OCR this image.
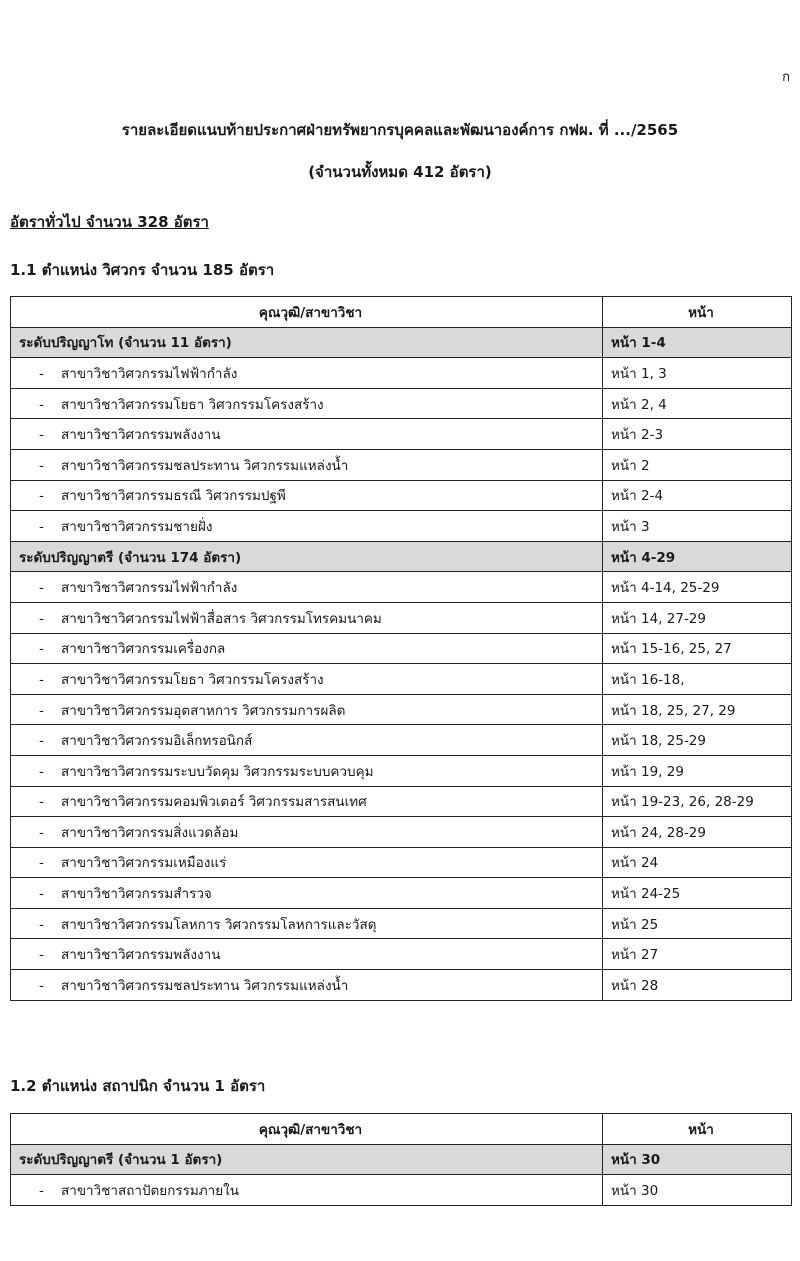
ก
รายละเอียดแนบท้ายประกาศฝ่ายทรัพยากรบุคคลและพัฒนาองค์การ กฟผ. ที่ .../2565
(จำนวนทั้งหมด 412 อัตรา)
อัตราทั่วไป จำนวน 328 อัตรา
1.1 ตำแหน่ง วิศวกร จำนวน 185 อัตรา
คุณวุฒิ/สาขาวิชา	หน้า
ระดับปริญญาโท (จำนวน 11 อัตรา)	หน้า 1-4
- สาขาวิชาวิศวกรรมไฟฟ้ากำลัง	หน้า 1, 3
- สาขาวิชาวิศวกรรมโยธา วิศวกรรมโครงสร้าง	หน้า 2, 4
- สาขาวิชาวิศวกรรมพลังงาน	หน้า 2-3
- สาขาวิชาวิศวกรรมชลประทาน วิศวกรรมแหล่งน้ำ	หน้า 2
- สาขาวิชาวิศวกรรมธรณี วิศวกรรมปฐพี	หน้า 2-4
- สาขาวิชาวิศวกรรมชายฝั่ง	หน้า 3
ระดับปริญญาตรี (จำนวน 174 อัตรา)	หน้า 4-29
- สาขาวิชาวิศวกรรมไฟฟ้ากำลัง	หน้า 4-14, 25-29
- สาขาวิชาวิศวกรรมไฟฟ้าสื่อสาร วิศวกรรมโทรคมนาคม	หน้า 14, 27-29
- สาขาวิชาวิศวกรรมเครื่องกล	หน้า 15-16, 25, 27
- สาขาวิชาวิศวกรรมโยธา วิศวกรรมโครงสร้าง	หน้า 16-18,
- สาขาวิชาวิศวกรรมอุตสาหการ วิศวกรรมการผลิต	หน้า 18, 25, 27, 29
- สาขาวิชาวิศวกรรมอิเล็กทรอนิกส์	หน้า 18, 25-29
- สาขาวิชาวิศวกรรมระบบวัดคุม วิศวกรรมระบบควบคุม	หน้า 19, 29
- สาขาวิชาวิศวกรรมคอมพิวเตอร์ วิศวกรรมสารสนเทศ	หน้า 19-23, 26, 28-29
- สาขาวิชาวิศวกรรมสิ่งแวดล้อม	หน้า 24, 28-29
- สาขาวิชาวิศวกรรมเหมืองแร่	หน้า 24
- สาขาวิชาวิศวกรรมสำรวจ	หน้า 24-25
- สาขาวิชาวิศวกรรมโลหการ วิศวกรรมโลหการและวัสดุ	หน้า 25
- สาขาวิชาวิศวกรรมพลังงาน	หน้า 27
- สาขาวิชาวิศวกรรมชลประทาน วิศวกรรมแหล่งน้ำ	หน้า 28
1.2 ตำแหน่ง สถาปนิก จำนวน 1 อัตรา
คุณวุฒิ/สาขาวิชา	หน้า
ระดับปริญญาตรี (จำนวน 1 อัตรา)	หน้า 30
- สาขาวิชาสถาปัตยกรรมภายใน	หน้า 30
